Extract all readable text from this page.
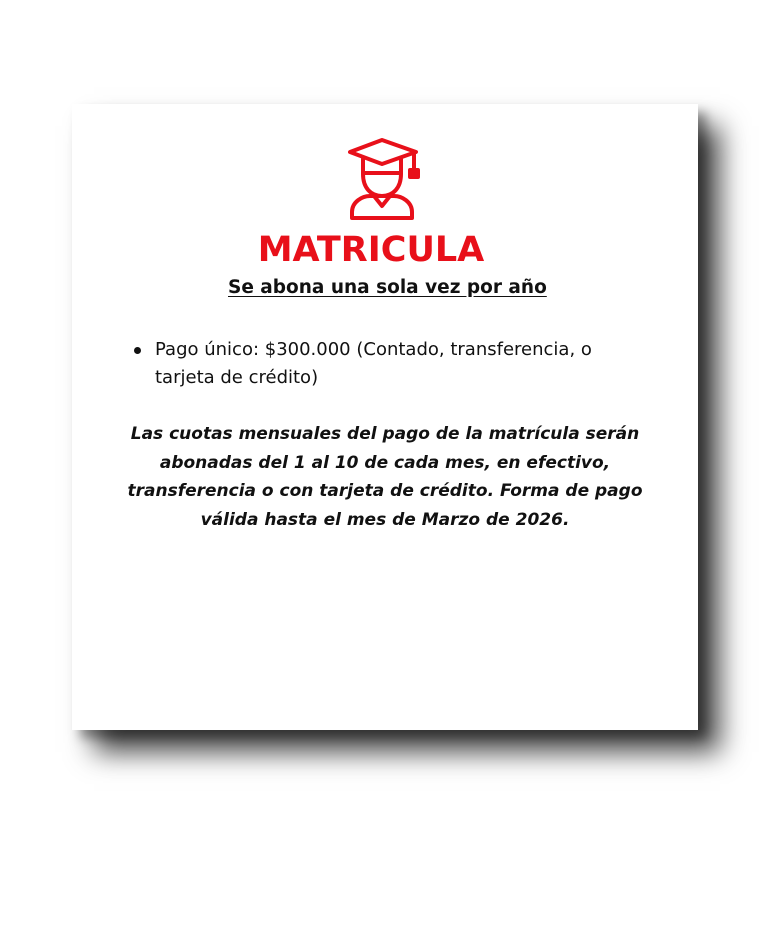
MATRICULA

Se abona una sola vez por año

Pago único: $300.000 (Contado, transferencia, o tarjeta de crédito)

Las cuotas mensuales del pago de la matrícula serán abonadas del 1 al 10 de cada mes, en efectivo, transferencia o con tarjeta de crédito. Forma de pago válida hasta el mes de Marzo de 2026.
